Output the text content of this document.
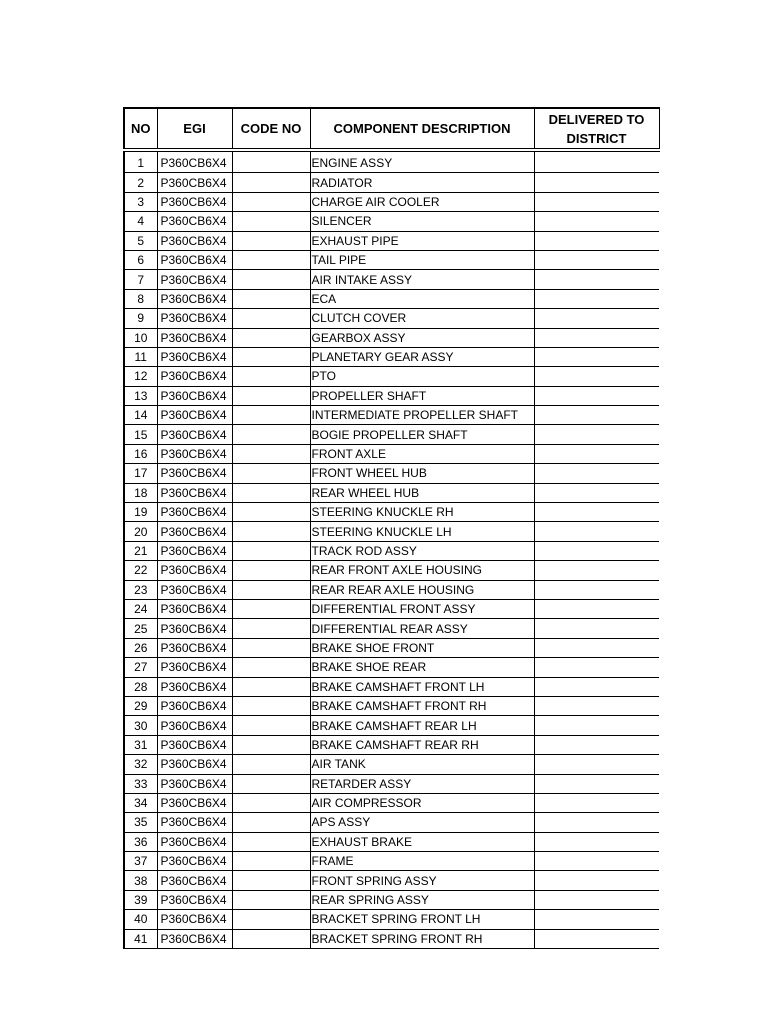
NO	EGI	CODE NO	COMPONENT DESCRIPTION	DELIVERED TO
DISTRICT

1	P360CB6X4		ENGINE ASSY	
2	P360CB6X4		RADIATOR	
3	P360CB6X4		CHARGE AIR COOLER	
4	P360CB6X4		SILENCER	
5	P360CB6X4		EXHAUST PIPE	
6	P360CB6X4		TAIL PIPE	
7	P360CB6X4		AIR INTAKE ASSY	
8	P360CB6X4		ECA	
9	P360CB6X4		CLUTCH COVER	
10	P360CB6X4		GEARBOX ASSY	
11	P360CB6X4		PLANETARY GEAR ASSY	
12	P360CB6X4		PTO	
13	P360CB6X4		PROPELLER SHAFT	
14	P360CB6X4		INTERMEDIATE PROPELLER SHAFT	
15	P360CB6X4		BOGIE PROPELLER SHAFT	
16	P360CB6X4		FRONT AXLE	
17	P360CB6X4		FRONT WHEEL HUB	
18	P360CB6X4		REAR WHEEL HUB	
19	P360CB6X4		STEERING KNUCKLE RH	
20	P360CB6X4		STEERING KNUCKLE LH	
21	P360CB6X4		TRACK ROD ASSY	
22	P360CB6X4		REAR FRONT AXLE HOUSING	
23	P360CB6X4		REAR REAR AXLE HOUSING	
24	P360CB6X4		DIFFERENTIAL FRONT ASSY	
25	P360CB6X4		DIFFERENTIAL REAR ASSY	
26	P360CB6X4		BRAKE SHOE FRONT	
27	P360CB6X4		BRAKE SHOE REAR	
28	P360CB6X4		BRAKE CAMSHAFT FRONT LH	
29	P360CB6X4		BRAKE CAMSHAFT FRONT RH	
30	P360CB6X4		BRAKE CAMSHAFT REAR LH	
31	P360CB6X4		BRAKE CAMSHAFT REAR RH	
32	P360CB6X4		AIR TANK	
33	P360CB6X4		RETARDER ASSY	
34	P360CB6X4		AIR COMPRESSOR	
35	P360CB6X4		APS ASSY	
36	P360CB6X4		EXHAUST BRAKE	
37	P360CB6X4		FRAME	
38	P360CB6X4		FRONT SPRING ASSY	
39	P360CB6X4		REAR SPRING ASSY	
40	P360CB6X4		BRACKET SPRING FRONT LH	
41	P360CB6X4		BRACKET SPRING FRONT RH	
